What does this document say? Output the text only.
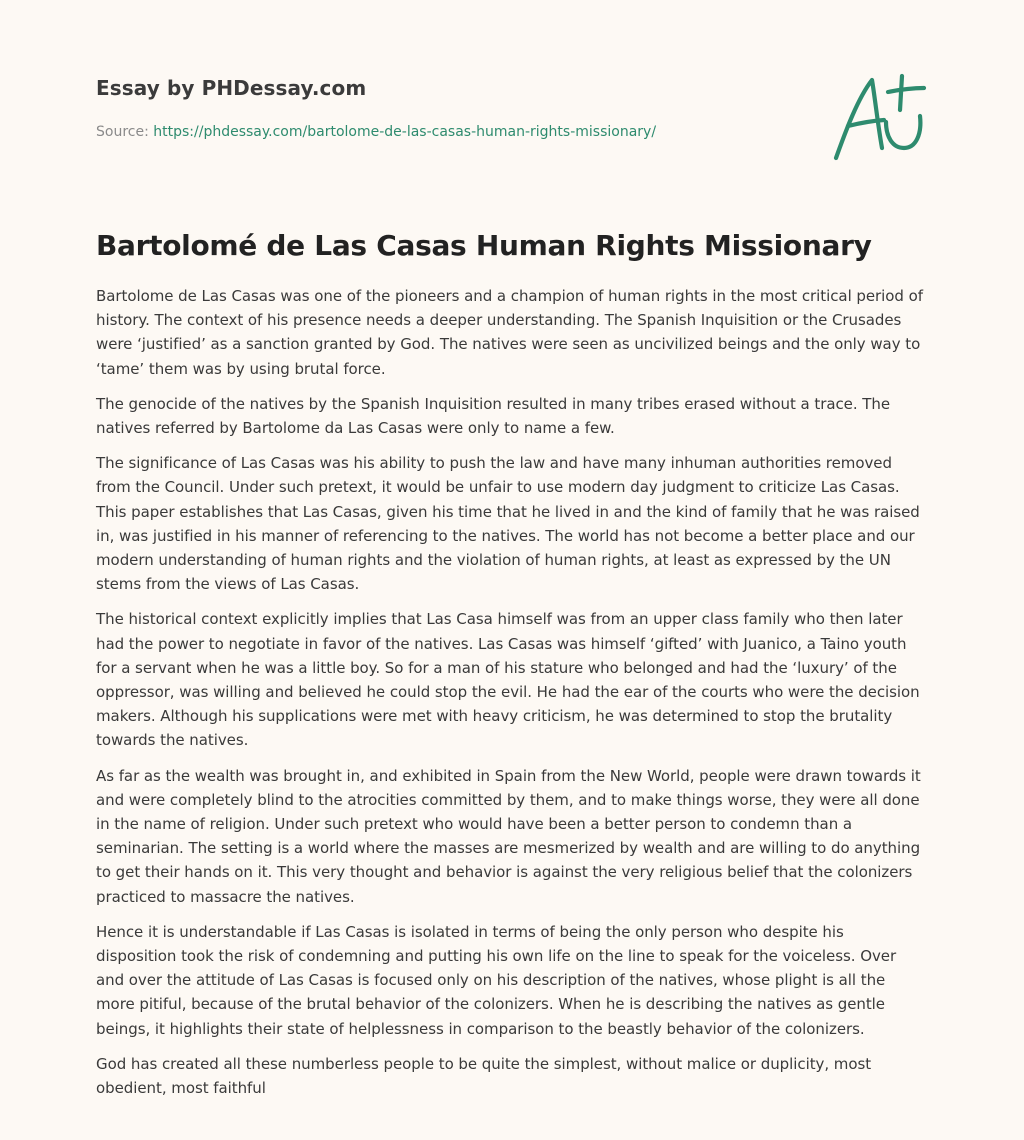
Essay by PHDessay.com
Source: https://phdessay.com/bartolome-de-las-casas-human-rights-missionary/
Bartolomé de Las Casas Human Rights Missionary

Bartolome de Las Casas was one of the pioneers and a champion of human rights in the most critical period of history. The context of his presence needs a deeper understanding. The Spanish Inquisition or the Crusades were ‘justified’ as a sanction granted by God. The natives were seen as uncivilized beings and the only way to ‘tame’ them was by using brutal force.

The genocide of the natives by the Spanish Inquisition resulted in many tribes erased without a trace. The natives referred by Bartolome da Las Casas were only to name a few.

The significance of Las Casas was his ability to push the law and have many inhuman authorities removed from the Council. Under such pretext, it would be unfair to use modern day judgment to criticize Las Casas. This paper establishes that Las Casas, given his time that he lived in and the kind of family that he was raised in, was justified in his manner of referencing to the natives. The world has not become a better place and our modern understanding of human rights and the violation of human rights, at least as expressed by the UN stems from the views of Las Casas.

The historical context explicitly implies that Las Casa himself was from an upper class family who then later had the power to negotiate in favor of the natives. Las Casas was himself ‘gifted’ with Juanico, a Taino youth for a servant when he was a little boy. So for a man of his stature who belonged and had the ‘luxury’ of the oppressor, was willing and believed he could stop the evil. He had the ear of the courts who were the decision makers. Although his supplications were met with heavy criticism, he was determined to stop the brutality towards the natives.

As far as the wealth was brought in, and exhibited in Spain from the New World, people were drawn towards it and were completely blind to the atrocities committed by them, and to make things worse, they were all done in the name of religion. Under such pretext who would have been a better person to condemn than a seminarian. The setting is a world where the masses are mesmerized by wealth and are willing to do anything to get their hands on it. This very thought and behavior is against the very religious belief that the colonizers practiced to massacre the natives.

Hence it is understandable if Las Casas is isolated in terms of being the only person who despite his disposition took the risk of condemning and putting his own life on the line to speak for the voiceless. Over and over the attitude of Las Casas is focused only on his description of the natives, whose plight is all the more pitiful, because of the brutal behavior of the colonizers. When he is describing the natives as gentle beings, it highlights their state of helplessness in comparison to the beastly behavior of the colonizers.

God has created all these numberless people to be quite the simplest, without malice or duplicity, most obedient, most faithful
